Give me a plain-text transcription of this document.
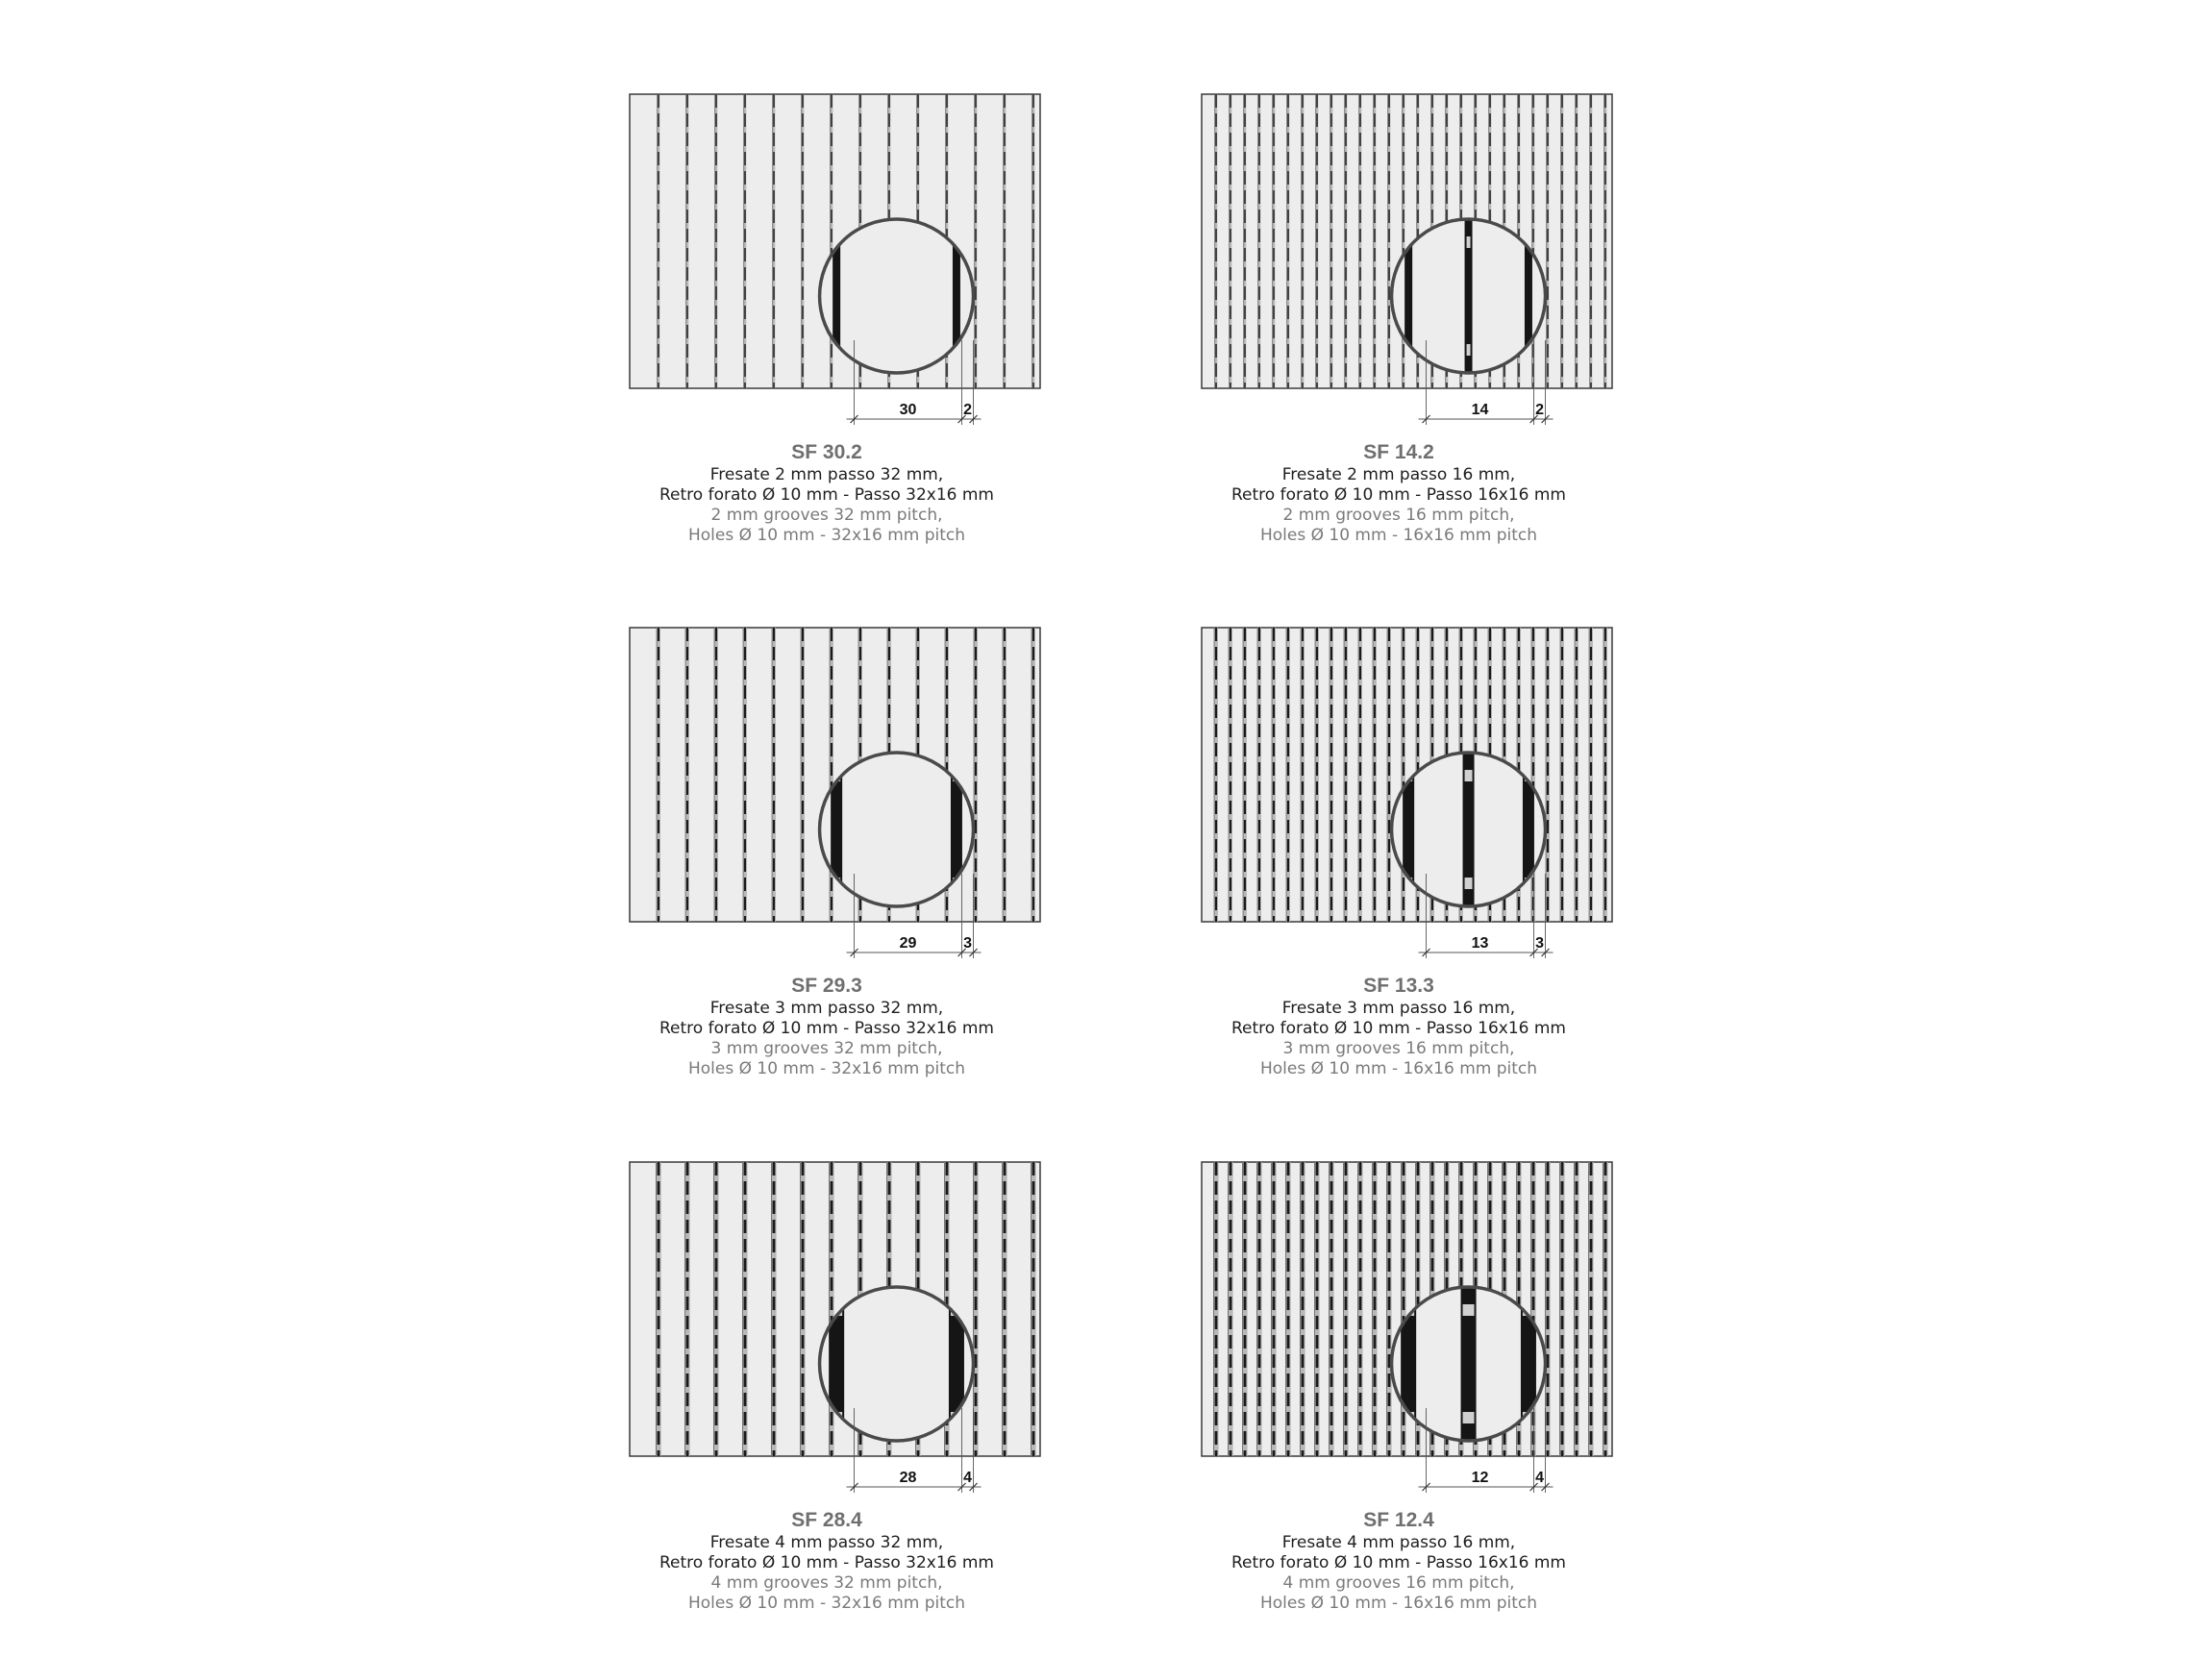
30	2
SF 30.2
Fresate 2 mm passo 32 mm,
Retro forato Ø 10 mm - Passo 32x16 mm
2 mm grooves 32 mm pitch,
Holes Ø 10 mm - 32x16 mm pitch
14	2
SF 14.2
Fresate 2 mm passo 16 mm,
Retro forato Ø 10 mm - Passo 16x16 mm
2 mm grooves 16 mm pitch,
Holes Ø 10 mm - 16x16 mm pitch
29	3
SF 29.3
Fresate 3 mm passo 32 mm,
Retro forato Ø 10 mm - Passo 32x16 mm
3 mm grooves 32 mm pitch,
Holes Ø 10 mm - 32x16 mm pitch
13	3
SF 13.3
Fresate 3 mm passo 16 mm,
Retro forato Ø 10 mm - Passo 16x16 mm
3 mm grooves 16 mm pitch,
Holes Ø 10 mm - 16x16 mm pitch
28	4
SF 28.4
Fresate 4 mm passo 32 mm,
Retro forato Ø 10 mm - Passo 32x16 mm
4 mm grooves 32 mm pitch,
Holes Ø 10 mm - 32x16 mm pitch
12	4
SF 12.4
Fresate 4 mm passo 16 mm,
Retro forato Ø 10 mm - Passo 16x16 mm
4 mm grooves 16 mm pitch,
Holes Ø 10 mm - 16x16 mm pitch
